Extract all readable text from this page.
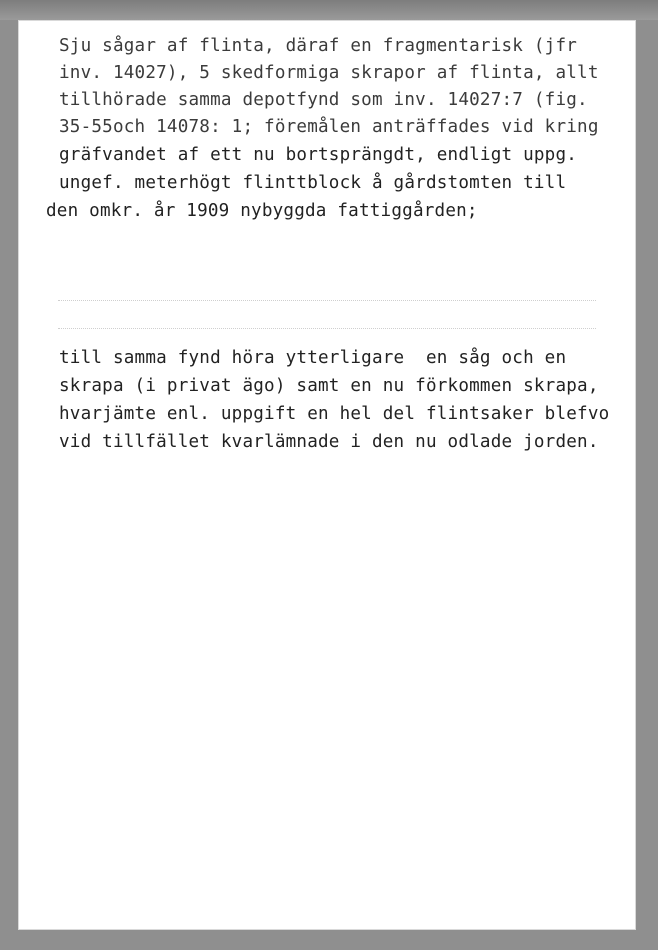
Sju sågar af flinta, däraf en fragmentarisk (jfr
inv. 14027), 5 skedformiga skrapor af flinta, allt
tillhörade samma depotfynd som inv. 14027:7 (fig.
35-55och 14078: 1; föremålen anträffades vid kring
gräfvandet af ett nu bortsprängdt, endligt uppg.
ungef. meterhögt flinttblock å gårdstomten till
den omkr. år 1909 nybyggda fattiggården;
till samma fynd höra ytterligare  en såg och en
skrapa (i privat ägo) samt en nu förkommen skrapa,
hvarjämte enl. uppgift en hel del flintsaker blefvo
vid tillfället kvarlämnade i den nu odlade jorden.
